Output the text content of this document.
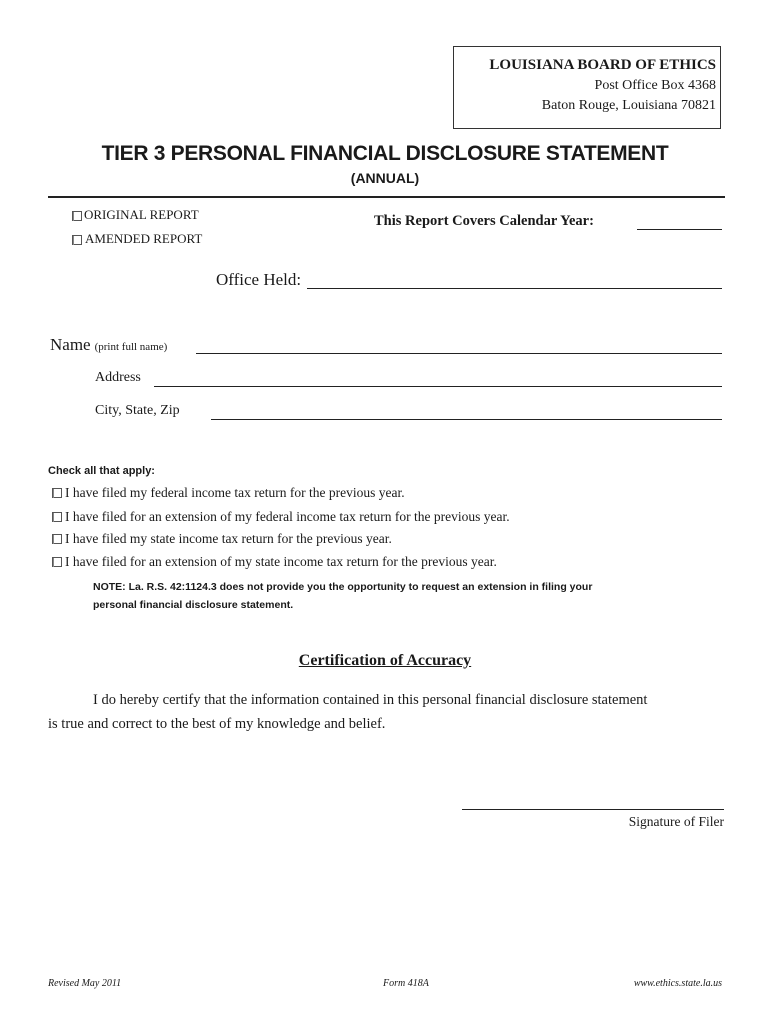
LOUISIANA BOARD OF ETHICS
Post Office Box 4368
Baton Rouge, Louisiana 70821
TIER 3 PERSONAL FINANCIAL DISCLOSURE STATEMENT
(ANNUAL)
ORIGINAL REPORT
AMENDED REPORT
This Report Covers Calendar Year:
Office Held:
Name (print full name)
Address
City, State, Zip
Check all that apply:
I have filed my federal income tax return for the previous year.
I have filed for an extension of my federal income tax return for the previous year.
I have filed my state income tax return for the previous year.
I have filed for an extension of my state income tax return for the previous year.
NOTE: La. R.S. 42:1124.3 does not provide you the opportunity to request an extension in filing your
personal financial disclosure statement.
Certification of Accuracy
I do hereby certify that the information contained in this personal financial disclosure statement
is true and correct to the best of my knowledge and belief.
Signature of Filer
Revised May 2011	Form 418A	www.ethics.state.la.us
